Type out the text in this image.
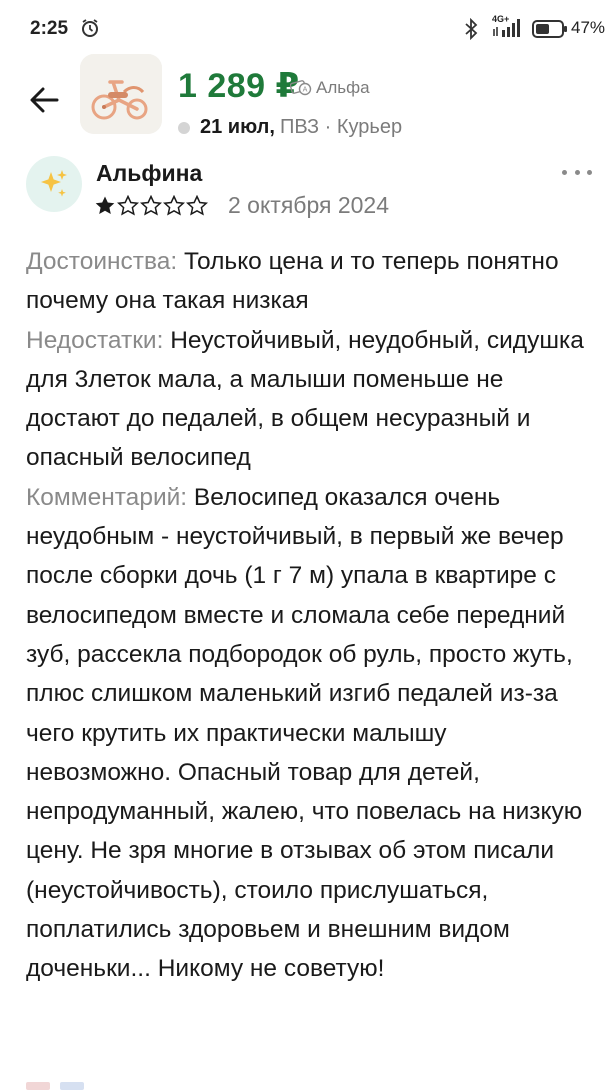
2:25	4G+	47%
1 289 ₽ A Альфа
21 июл, ПВЗ · Курьер
Альфина
2 октября 2024
Достоинства: Только цена и то теперь понятно почему она такая низкая
Недостатки: Неустойчивый, неудобный, сидушка для 3леток мала, а малыши поменьше не достают до педалей, в общем несуразный и опасный велосипед
Комментарий: Велосипед оказался очень неудобным - неустойчивый, в первый же вечер после сборки дочь (1 г 7 м) упала в квартире с велосипедом вместе и сломала себе передний зуб, рассекла подбородок об руль, просто жуть, плюс слишком маленький изгиб педалей из-за чего крутить их практически малышу невозможно. Опасный товар для детей, непродуманный, жалею, что повелась на низкую цену. Не зря многие в отзывах об этом писали (неустойчивость), стоило прислушаться, поплатились здоровьем и внешним видом доченьки... Никому не советую!
